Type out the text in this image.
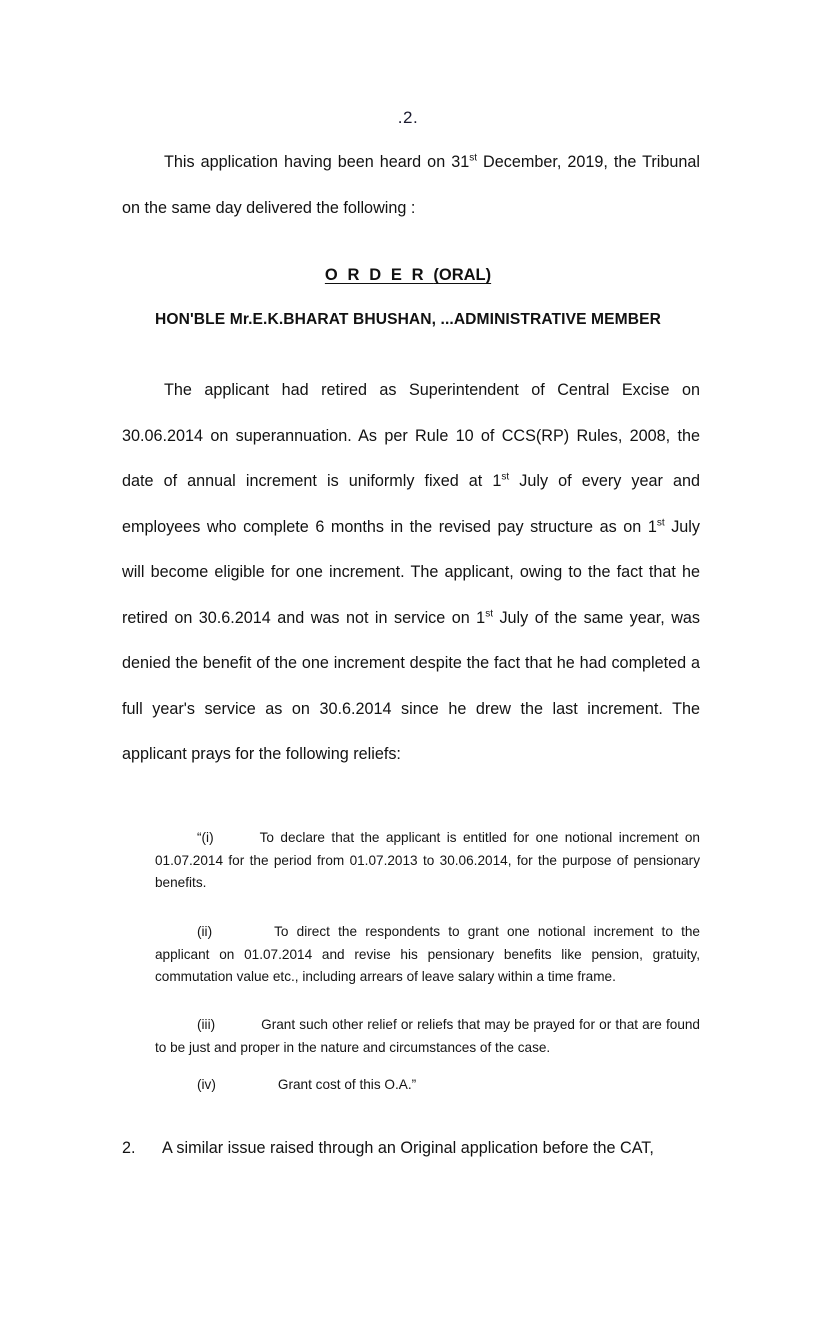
.2.
This application having been heard on 31st December, 2019, the Tribunal on the same day delivered the following :
O R D E R (ORAL)
HON'BLE Mr.E.K.BHARAT BHUSHAN, ...ADMINISTRATIVE MEMBER
The applicant had retired as Superintendent of Central Excise on 30.06.2014 on superannuation. As per Rule 10 of CCS(RP) Rules, 2008, the date of annual increment is uniformly fixed at 1st July of every year and employees who complete 6 months in the revised pay structure as on 1st July will become eligible for one increment. The applicant, owing to the fact that he retired on 30.6.2014 and was not in service on 1st July of the same year, was denied the benefit of the one increment despite the fact that he had completed a full year's service as on 30.6.2014 since he drew the last increment. The applicant prays for the following reliefs:
“(i)	To declare that the applicant is entitled for one notional increment on 01.07.2014 for the period from 01.07.2013 to 30.06.2014, for the purpose of pensionary benefits.
(ii)	To direct the respondents to grant one notional increment to the applicant on 01.07.2014 and revise his pensionary benefits like pension, gratuity, commutation value etc., including arrears of leave salary within a time frame.
(iii)	Grant such other relief or reliefs that may be prayed for or that are found to be just and proper in the nature and circumstances of the case.
(iv)	Grant cost of this O.A.”
2. A similar issue raised through an Original application before the CAT,
